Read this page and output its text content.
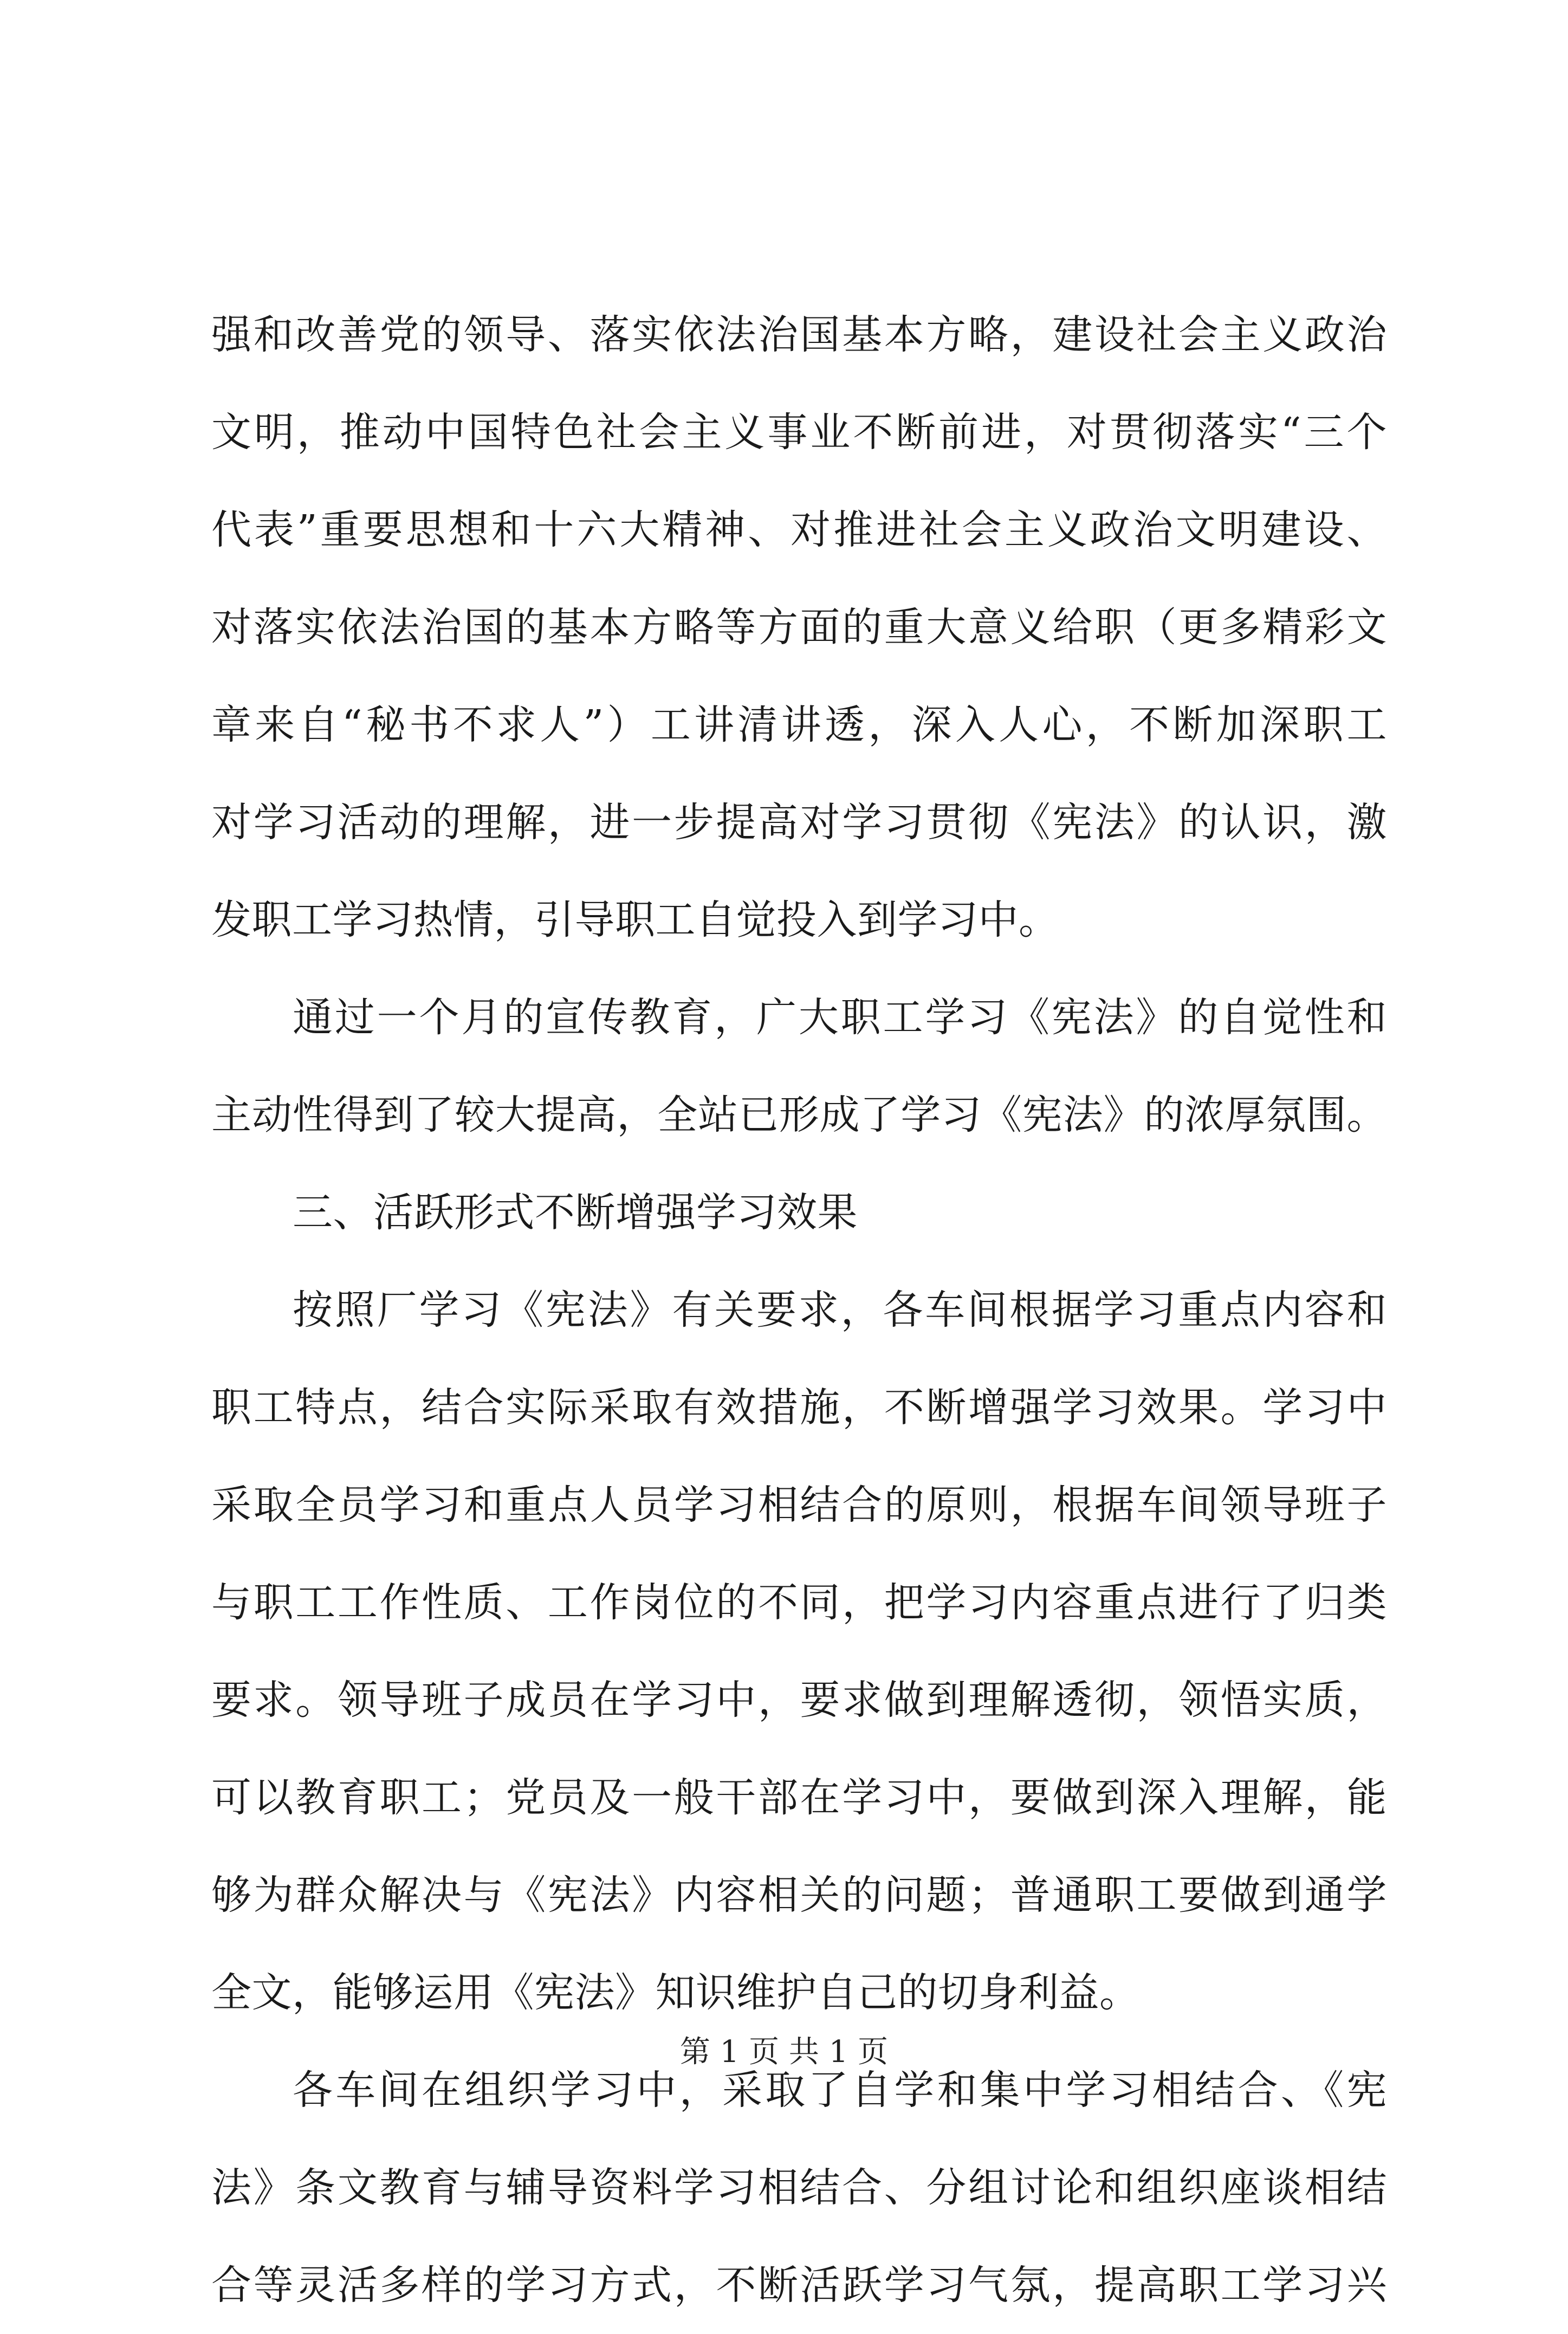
强和改善党的领导、落实依法治国基本方略，建设社会主义政治
文明，推动中国特色社会主义事业不断前进，对贯彻落实“三个
代表”重要思想和十六大精神、对推进社会主义政治文明建设、
对落实依法治国的基本方略等方面的重大意义给职（更多精彩文
章来自“秘书不求人”）工讲清讲透，深入人心，不断加深职工
对学习活动的理解，进一步提高对学习贯彻《宪法》的认识，激
发职工学习热情，引导职工自觉投入到学习中。
通过一个月的宣传教育，广大职工学习《宪法》的自觉性和
主动性得到了较大提高，全站已形成了学习《宪法》的浓厚氛围。
三、活跃形式不断增强学习效果
按照厂学习《宪法》有关要求，各车间根据学习重点内容和
职工特点，结合实际采取有效措施，不断增强学习效果。学习中
采取全员学习和重点人员学习相结合的原则，根据车间领导班子
与职工工作性质、工作岗位的不同，把学习内容重点进行了归类
要求。领导班子成员在学习中，要求做到理解透彻，领悟实质，
可以教育职工；党员及一般干部在学习中，要做到深入理解，能
够为群众解决与《宪法》内容相关的问题；普通职工要做到通学
全文，能够运用《宪法》知识维护自己的切身利益。
各车间在组织学习中，采取了自学和集中学习相结合、《宪
法》条文教育与辅导资料学习相结合、分组讨论和组织座谈相结
合等灵活多样的学习方式，不断活跃学习气氛，提高职工学习兴
第 1 页 共 1 页
